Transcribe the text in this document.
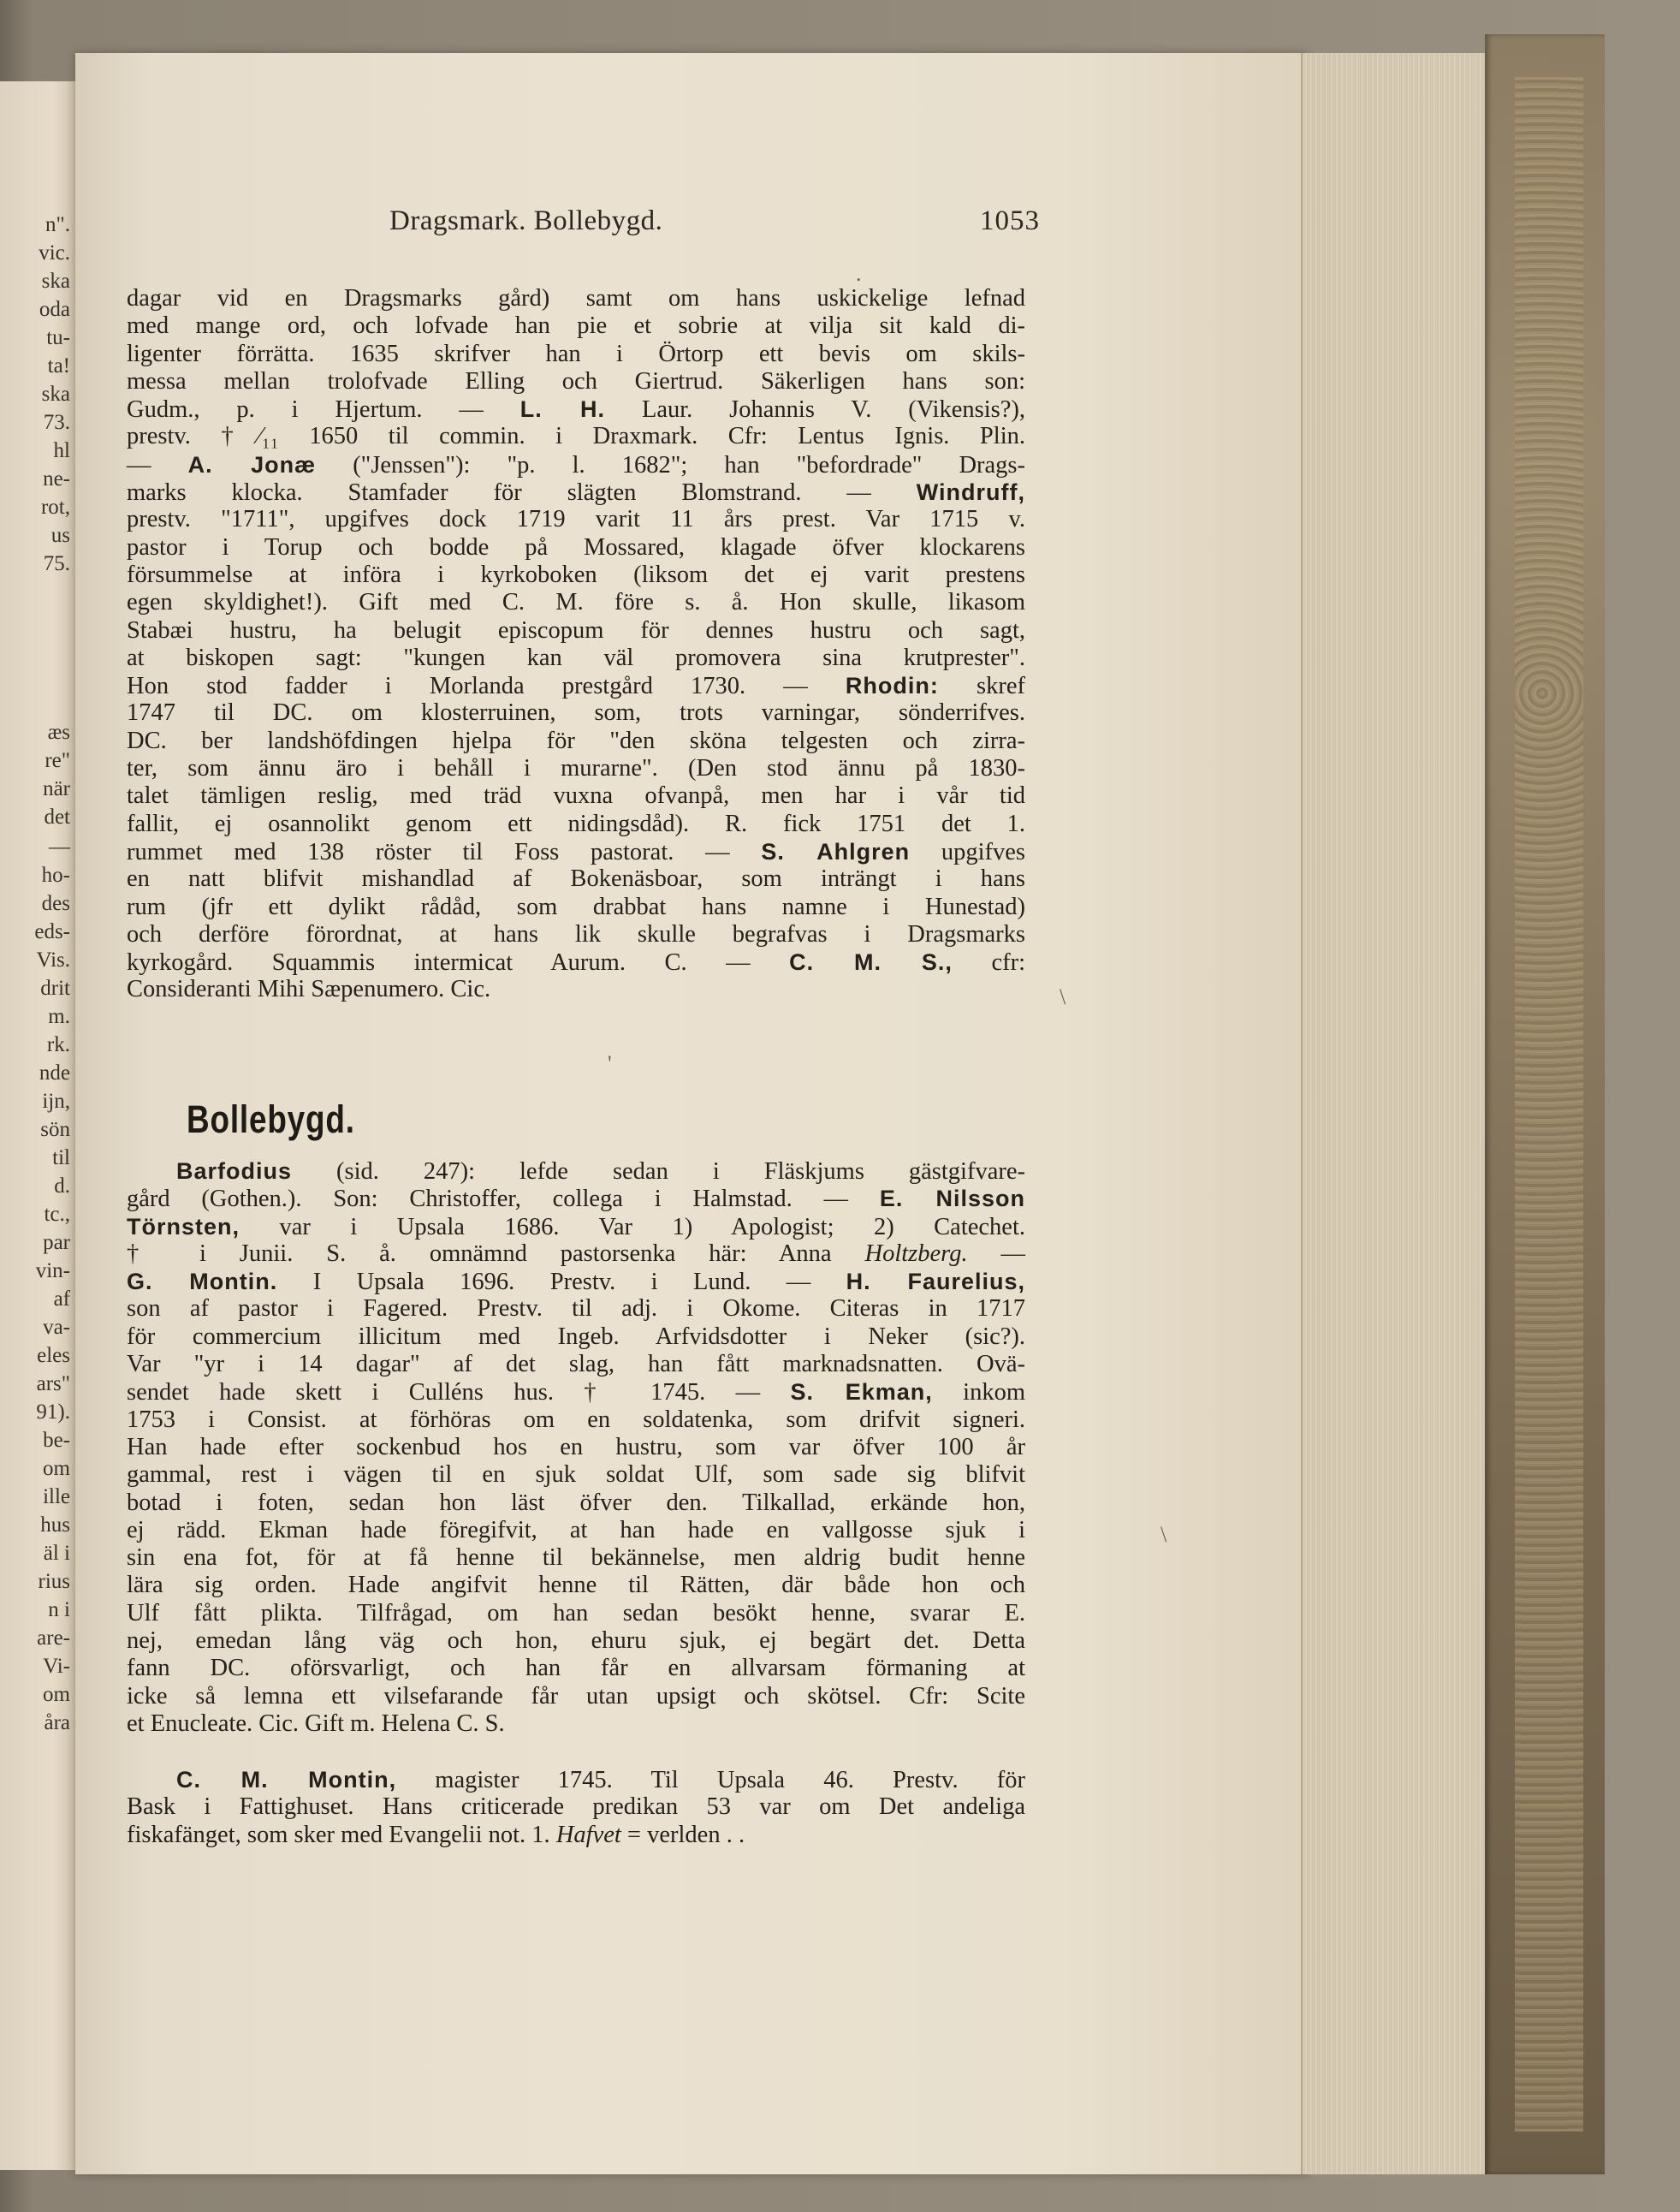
n".
vic.
ska
oda
tu-
ta!
ska
73.
hl
ne-
rot,
us
75.
æs
re"
när
det
—
ho-
des
eds-
Vis.
drit
m.
rk.
nde
ijn,
sön
til
d.
tc.,
par
vin-
af
va-
eles
ars"
91).
be-
om
ille
hus
äl i
rius
n i
are-
Vi-
om
åra
Dragsmark. Bollebygd.	1053
dagar vid en Dragsmarks gård) samt om hans uskickelige lefnad
med mange ord, och lofvade han pie et sobrie at vilja sit kald di-
ligenter förrätta. 1635 skrifver han i Örtorp ett bevis om skils-
messa mellan trolofvade Elling och Giertrud. Säkerligen hans son:
Gudm., p. i Hjertum. — L. H. Laur. Johannis V. (Vikensis?),
prestv. †⁄₁₁ 1650 til commin. i Draxmark. Cfr: Lentus Ignis. Plin.
— A. Jonæ ("Jenssen"): "p. l. 1682"; han "befordrade" Drags-
marks klocka. Stamfader för slägten Blomstrand. — Windruff,
prestv. "1711", upgifves dock 1719 varit 11 års prest. Var 1715 v.
pastor i Torup och bodde på Mossared, klagade öfver klockarens
försummelse at införa i kyrkoboken (liksom det ej varit prestens
egen skyldighet!). Gift med C. M. före s. å. Hon skulle, likasom
Stabæi hustru, ha belugit episcopum för dennes hustru och sagt,
at biskopen sagt: "kungen kan väl promovera sina krutprester".
Hon stod fadder i Morlanda prestgård 1730. — Rhodin: skref
1747 til DC. om klosterruinen, som, trots varningar, sönderrifves.
DC. ber landshöfdingen hjelpa för "den sköna telgesten och zirra-
ter, som ännu äro i behåll i murarne". (Den stod ännu på 1830-
talet tämligen reslig, med träd vuxna ofvanpå, men har i vår tid
fallit, ej osannolikt genom ett nidingsdåd). R. fick 1751 det 1.
rummet med 138 röster til Foss pastorat. — S. Ahlgren upgifves
en natt blifvit mishandlad af Bokenäsboar, som inträngt i hans
rum (jfr ett dylikt rådåd, som drabbat hans namne i Hunestad)
och derföre förordnat, at hans lik skulle begrafvas i Dragsmarks
kyrkogård. Squammis intermicat Aurum. C. — C. M. S., cfr:
Consideranti Mihi Sæpenumero. Cic.
Bollebygd.
Barfodius (sid. 247): lefde sedan i Fläskjums gästgifvare-
gård (Gothen.). Son: Christoffer, collega i Halmstad. — E. Nilsson
Törnsten, var i Upsala 1686. Var 1) Apologist; 2) Catechet.
† i Junii. S. å. omnämnd pastorsenka här: Anna Holtzberg. —
G. Montin. I Upsala 1696. Prestv. i Lund. — H. Faurelius,
son af pastor i Fagered. Prestv. til adj. i Okome. Citeras in 1717
för commercium illicitum med Ingeb. Arfvidsdotter i Neker (sic?).
Var "yr i 14 dagar" af det slag, han fått marknadsnatten. Ovä-
sendet hade skett i Culléns hus. † 1745. — S. Ekman, inkom
1753 i Consist. at förhöras om en soldatenka, som drifvit signeri.
Han hade efter sockenbud hos en hustru, som var öfver 100 år
gammal, rest i vägen til en sjuk soldat Ulf, som sade sig blifvit
botad i foten, sedan hon läst öfver den. Tilkallad, erkände hon,
ej rädd. Ekman hade föregifvit, at han hade en vallgosse sjuk i
sin ena fot, för at få henne til bekännelse, men aldrig budit henne
lära sig orden. Hade angifvit henne til Rätten, där både hon och
Ulf fått plikta. Tilfrågad, om han sedan besökt henne, svarar E.
nej, emedan lång väg och hon, ehuru sjuk, ej begärt det. Detta
fann DC. oförsvarligt, och han får en allvarsam förmaning at
icke så lemna ett vilsefarande får utan upsigt och skötsel. Cfr: Scite
et Enucleate. Cic. Gift m. Helena C. S.
C. M. Montin, magister 1745. Til Upsala 46. Prestv. för
Bask i Fattighuset. Hans criticerade predikan 53 var om Det andeliga
fiskafänget, som sker med Evangelii not. 1. Hafvet = verlden . .
\
\
.
'
